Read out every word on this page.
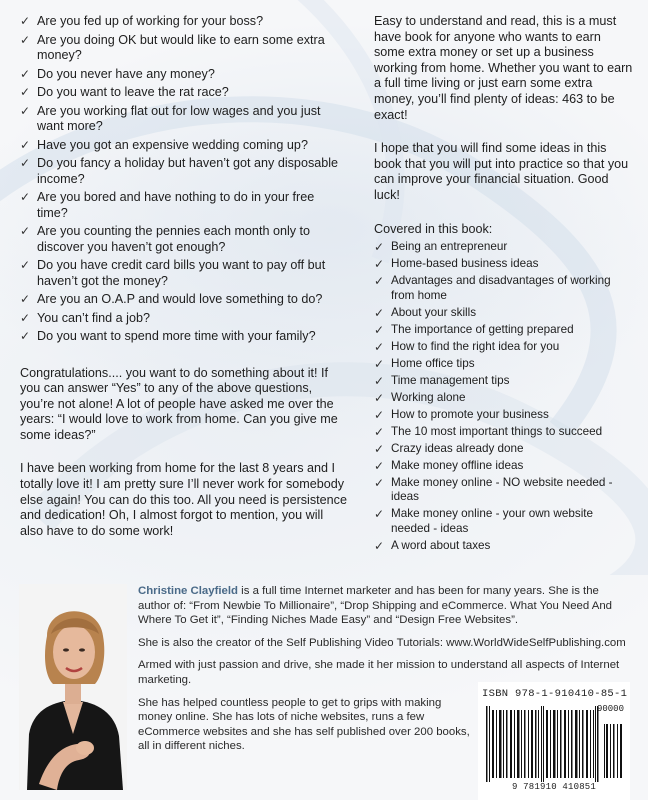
✓ Are you fed up of working for your boss?
✓ Are you doing OK but would like to earn some extra money?
✓ Do you never have any money?
✓ Do you want to leave the rat race?
✓ Are you working flat out for low wages and you just want more?
✓ Have you got an expensive wedding coming up?
✓ Do you fancy a holiday but haven’t got any disposable income?
✓ Are you bored and have nothing to do in your free time?
✓ Are you counting the pennies each month only to discover you haven’t got enough?
✓ Do you have credit card bills you want to pay off but haven’t got the money?
✓ Are you an O.A.P and would love something to do?
✓ You can’t find a job?
✓ Do you want to spend more time with your family?

Congratulations.... you want to do something about it! If you can answer “Yes” to any of the above questions, you’re not alone! A lot of people have asked me over the years: “I would love to work from home. Can you give me some ideas?”

I have been working from home for the last 8 years and I totally love it! I am pretty sure I’ll never work for somebody else again! You can do this too. All you need is persistence and dedication! Oh, I almost forgot to mention, you will also have to do some work!

Easy to understand and read, this is a must have book for anyone who wants to earn some extra money or set up a business working from home. Whether you want to earn a full time living or just earn some extra money, you’ll find plenty of ideas: 463 to be exact!

I hope that you will find some ideas in this book that you will put into practice so that you can improve your financial situation. Good luck!

Covered in this book:

✓ Being an entrepreneur
✓ Home-based business ideas
✓ Advantages and disadvantages of working from home
✓ About your skills
✓ The importance of getting prepared
✓ How to find the right idea for you
✓ Home office tips
✓ Time management tips
✓ Working alone
✓ How to promote your business
✓ The 10 most important things to succeed
✓ Crazy ideas already done
✓ Make money offline ideas
✓ Make money online - NO website needed - ideas
✓ Make money online - your own website needed - ideas
✓ A word about taxes

Christine Clayfield is a full time Internet marketer and has been for many years. She is the author of: “From Newbie To Millionaire”, “Drop Shipping and eCommerce. What You Need And Where To Get it”, “Finding Niches Made Easy” and “Design Free Websites”.

She is also the creator of the Self Publishing Video Tutorials: www.WorldWideSelfPublishing.com

Armed with just passion and drive, she made it her mission to understand all aspects of Internet marketing.

She has helped countless people to get to grips with making money online. She has lots of niche websites, runs a few eCommerce websites and she has self published over 200 books, all in different niches.

ISBN 978-1-910410-85-1
90000
9 781910 410851
